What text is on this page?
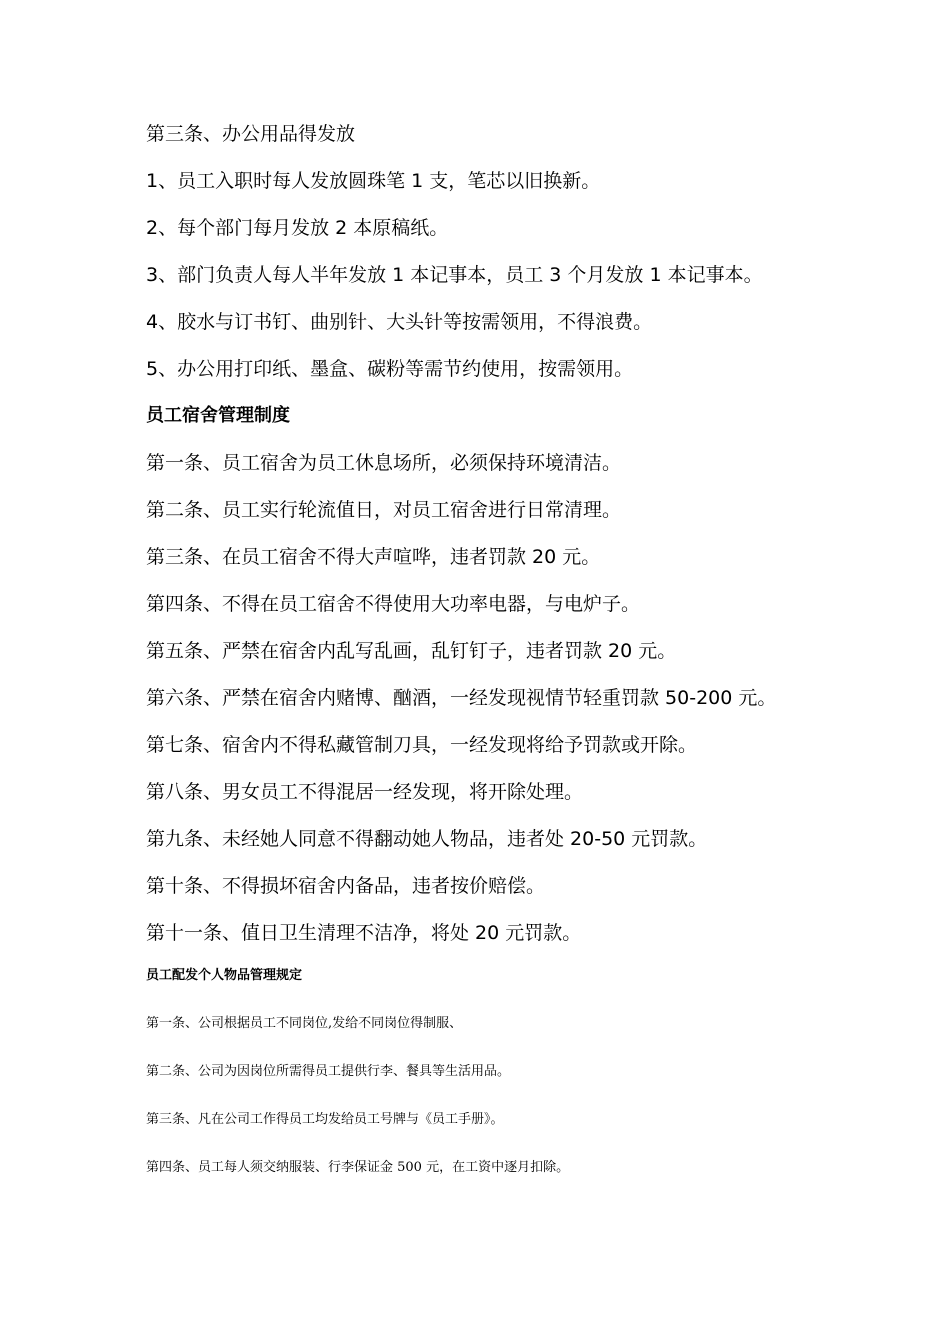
第三条、办公用品得发放

1、员工入职时每人发放圆珠笔 1 支，笔芯以旧换新。

2、每个部门每月发放 2 本原稿纸。

3、部门负责人每人半年发放 1 本记事本，员工 3 个月发放 1 本记事本。

4、胶水与订书钉、曲别针、大头针等按需领用，不得浪费。

5、办公用打印纸、墨盒、碳粉等需节约使用，按需领用。

员工宿舍管理制度

第一条、员工宿舍为员工休息场所，必须保持环境清洁。

第二条、员工实行轮流值日，对员工宿舍进行日常清理。

第三条、在员工宿舍不得大声喧哗，违者罚款 20 元。

第四条、不得在员工宿舍不得使用大功率电器，与电炉子。

第五条、严禁在宿舍内乱写乱画，乱钉钉子，违者罚款 20 元。

第六条、严禁在宿舍内赌博、酗酒，一经发现视情节轻重罚款 50-200 元。

第七条、宿舍内不得私藏管制刀具，一经发现将给予罚款或开除。

第八条、男女员工不得混居一经发现，将开除处理。

第九条、未经她人同意不得翻动她人物品，违者处 20-50 元罚款。

第十条、不得损坏宿舍内备品，违者按价赔偿。

第十一条、值日卫生清理不洁净，将处 20 元罚款。

员工配发个人物品管理规定

第一条、公司根据员工不同岗位,发给不同岗位得制服、

第二条、公司为因岗位所需得员工提供行李、餐具等生活用品。

第三条、凡在公司工作得员工均发给员工号牌与《员工手册》。

第四条、员工每人须交纳服装、行李保证金 500 元，在工资中逐月扣除。
